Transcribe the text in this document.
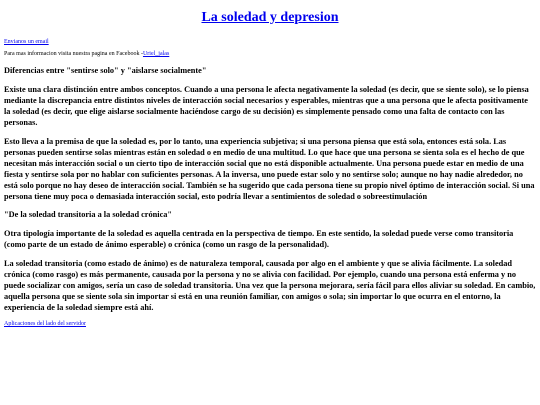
La soledad y depresion
Envianos un email
Para mas informacion visita nuestra pagina en Facebook -Uriel_jalas
Diferencias entre "sentirse solo" y "aislarse socialmente"
Existe una clara distinción entre ambos conceptos. Cuando a una persona le afecta negativamente la soledad (es decir, que se siente solo), se lo piensa mediante la discrepancia entre distintos niveles de interacción social necesarios y esperables, mientras que a una persona que le afecta positivamente la soledad (es decir, que elige aislarse socialmente haciéndose cargo de su decisión) es simplemente pensado como una falta de contacto con las personas.
Esto lleva a la premisa de que la soledad es, por lo tanto, una experiencia subjetiva; si una persona piensa que está sola, entonces está sola. Las personas pueden sentirse solas mientras están en soledad o en medio de una multitud. Lo que hace que una persona se sienta sola es el hecho de que necesitan más interacción social o un cierto tipo de interacción social que no está disponible actualmente. Una persona puede estar en medio de una fiesta y sentirse sola por no hablar con suficientes personas. A la inversa, uno puede estar solo y no sentirse solo; aunque no hay nadie alrededor, no está solo porque no hay deseo de interacción social. También se ha sugerido que cada persona tiene su propio nivel óptimo de interacción social. Si una persona tiene muy poca o demasiada interacción social, esto podría llevar a sentimientos de soledad o sobreestimulación
"De la soledad transitoria a la soledad crónica"
Otra tipología importante de la soledad es aquella centrada en la perspectiva de tiempo. En este sentido, la soledad puede verse como transitoria (como parte de un estado de ánimo esperable) o crónica (como un rasgo de la personalidad).
La soledad transitoria (como estado de ánimo) es de naturaleza temporal, causada por algo en el ambiente y que se alivia fácilmente. La soledad crónica (como rasgo) es más permanente, causada por la persona y no se alivia con facilidad. Por ejemplo, cuando una persona está enferma y no puede socializar con amigos, sería un caso de soledad transitoria. Una vez que la persona mejorara, sería fácil para ellos aliviar su soledad. En cambio, aquella persona que se siente sola sin importar si está en una reunión familiar, con amigos o sola; sin importar lo que ocurra en el entorno, la experiencia de la soledad siempre está ahí.
Aplicaciones del lado del servidor
